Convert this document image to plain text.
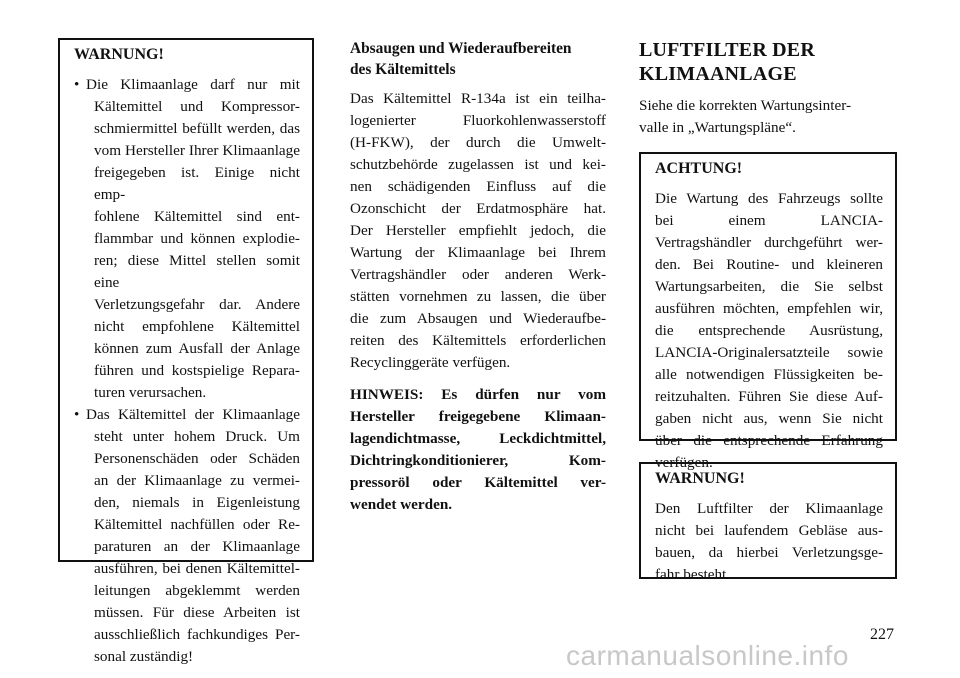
WARNUNG!
• Die Klimaanlage darf nur mit
Kältemittel und Kompressor-
schmiermittel befüllt werden, das
vom Hersteller Ihrer Klimaanlage
freigegeben ist. Einige nicht emp-
fohlene Kältemittel sind ent-
flammbar und können explodie-
ren; diese Mittel stellen somit eine
Verletzungsgefahr dar. Andere
nicht empfohlene Kältemittel
können zum Ausfall der Anlage
führen und kostspielige Repara-
turen verursachen.
• Das Kältemittel der Klimaanlage
steht unter hohem Druck. Um
Personenschäden oder Schäden
an der Klimaanlage zu vermei-
den, niemals in Eigenleistung
Kältemittel nachfüllen oder Re-
paraturen an der Klimaanlage
ausführen, bei denen Kältemittel-
leitungen abgeklemmt werden
müssen. Für diese Arbeiten ist
ausschließlich fachkundiges Per-
sonal zuständig!
Absaugen und Wiederaufbereiten
des Kältemittels
Das Kältemittel R-134a ist ein teilha-
logenierter Fluorkohlenwasserstoff
(H-FKW), der durch die Umwelt-
schutzbehörde zugelassen ist und kei-
nen schädigenden Einfluss auf die
Ozonschicht der Erdatmosphäre hat.
Der Hersteller empfiehlt jedoch, die
Wartung der Klimaanlage bei Ihrem
Vertragshändler oder anderen Werk-
stätten vornehmen zu lassen, die über
die zum Absaugen und Wiederaufbe-
reiten des Kältemittels erforderlichen
Recyclinggeräte verfügen.
HINWEIS: Es dürfen nur vom
Hersteller freigegebene Klimaan-
lagendichtmasse, Leckdichtmittel,
Dichtringkonditionierer, Kom-
pressoröl oder Kältemittel ver-
wendet werden.
LUFTFILTER DER
KLIMAANLAGE
Siehe die korrekten Wartungsinter-
valle in „Wartungspläne“.
ACHTUNG!
Die Wartung des Fahrzeugs sollte
bei einem LANCIA-
Vertragshändler durchgeführt wer-
den. Bei Routine- und kleineren
Wartungsarbeiten, die Sie selbst
ausführen möchten, empfehlen wir,
die entsprechende Ausrüstung,
LANCIA-Originalersatzteile sowie
alle notwendigen Flüssigkeiten be-
reitzuhalten. Führen Sie diese Auf-
gaben nicht aus, wenn Sie nicht
über die entsprechende Erfahrung
verfügen.
WARNUNG!
Den Luftfilter der Klimaanlage
nicht bei laufendem Gebläse aus-
bauen, da hierbei Verletzungsge-
fahr besteht.
227
carmanualsonline.info
